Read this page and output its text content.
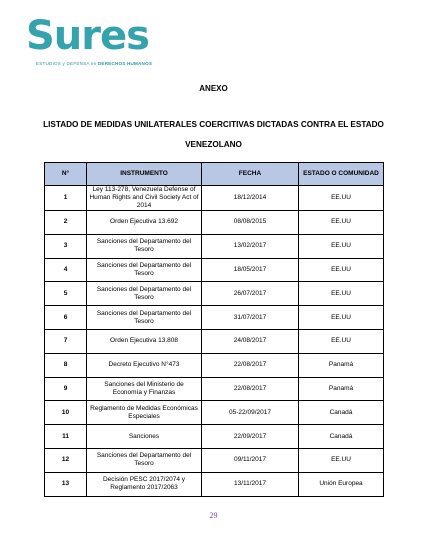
Sures
ESTUDIOS y DEFENSA en DERECHOS HUMANOS
ANEXO
LISTADO DE MEDIDAS UNILATERALES COERCITIVAS DICTADAS CONTRA EL ESTADO VENEZOLANO
N°	INSTRUMENTO	FECHA	ESTADO O COMUNIDAD
1	Ley 113-278, Venezuela Defense of Human Rights and Civil Society Act of 2014	18/12/2014	EE.UU
2	Orden Ejecutiva 13.692	08/08/2015	EE.UU
3	Sanciones del Departamento del Tesoro	13/02/2017	EE.UU
4	Sanciones del Departamento del Tesoro	18/05/2017	EE.UU
5	Sanciones del Departamento del Tesoro	26/07/2017	EE.UU
6	Sanciones del Departamento del Tesoro	31/07/2017	EE.UU
7	Orden Ejecutiva 13.808	24/08/2017	EE.UU
8	Decreto Ejecutivo N°473	22/08/2017	Panamá
9	Sanciones del Ministerio de Economía y Finanzas	22/08/2017	Panamá
10	Reglamento de Medidas Económicas Especiales	05-22/09/2017	Canadá
11	Sanciones	22/09/2017	Canadá
12	Sanciones del Departamento del Tesoro	09/11/2017	EE.UU
13	Decisión PESC 2017/2074 y Reglamento 2017/2063	13/11/2017	Unión Europea
29
